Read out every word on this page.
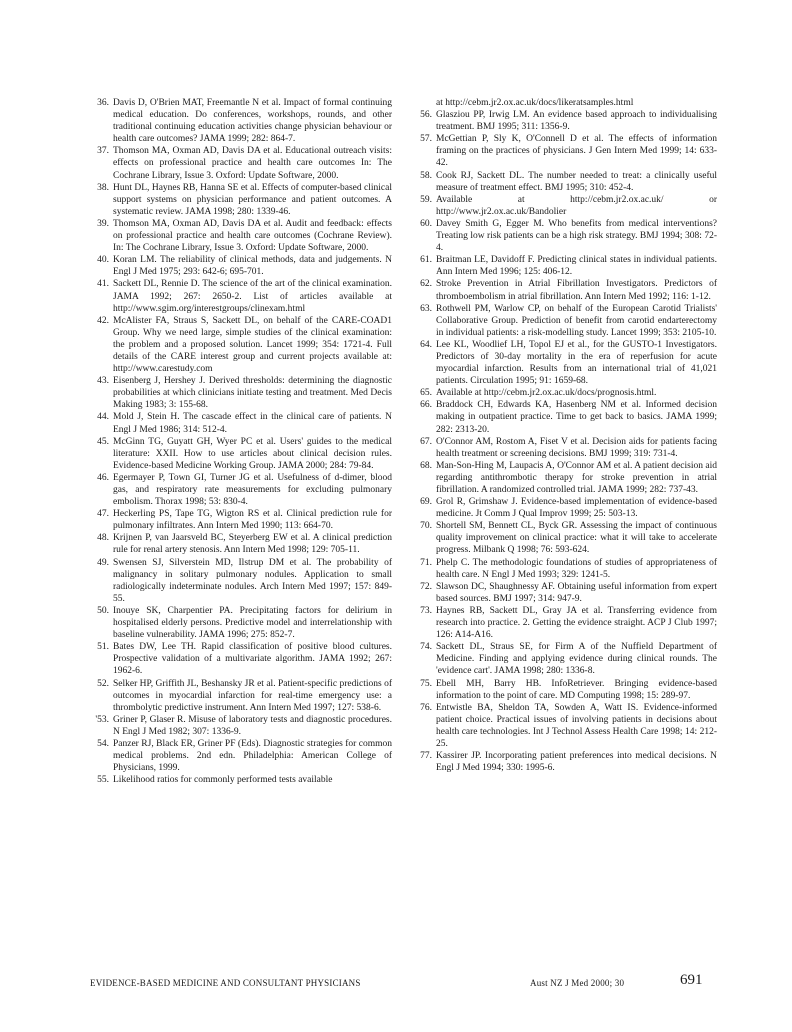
36. Davis D, O'Brien MAT, Freemantle N et al. Impact of formal continuing medical education. Do conferences, workshops, rounds, and other traditional continuing education activities change physician behaviour or health care outcomes? JAMA 1999; 282: 864-7.
37. Thomson MA, Oxman AD, Davis DA et al. Educational outreach visits: effects on professional practice and health care outcomes In: The Cochrane Library, Issue 3. Oxford: Update Software, 2000.
38. Hunt DL, Haynes RB, Hanna SE et al. Effects of computer-based clinical support systems on physician performance and patient outcomes. A systematic review. JAMA 1998; 280: 1339-46.
39. Thomson MA, Oxman AD, Davis DA et al. Audit and feedback: effects on professional practice and health care outcomes (Cochrane Review). In: The Cochrane Library, Issue 3. Oxford: Update Software, 2000.
40. Koran LM. The reliability of clinical methods, data and judgements. N Engl J Med 1975; 293: 642-6; 695-701.
41. Sackett DL, Rennie D. The science of the art of the clinical examination. JAMA 1992; 267: 2650-2. List of articles available at http://www.sgim.org/interestgroups/clinexam.html
42. McAlister FA, Straus S, Sackett DL, on behalf of the CARE-COAD1 Group. Why we need large, simple studies of the clinical examination: the problem and a proposed solution. Lancet 1999; 354: 1721-4. Full details of the CARE interest group and current projects available at: http://www.carestudy.com
43. Eisenberg J, Hershey J. Derived thresholds: determining the diagnostic probabilities at which clinicians initiate testing and treatment. Med Decis Making 1983; 3: 155-68.
44. Mold J, Stein H. The cascade effect in the clinical care of patients. N Engl J Med 1986; 314: 512-4.
45. McGinn TG, Guyatt GH, Wyer PC et al. Users' guides to the medical literature: XXII. How to use articles about clinical decision rules. Evidence-based Medicine Working Group. JAMA 2000; 284: 79-84.
46. Egermayer P, Town GI, Turner JG et al. Usefulness of d-dimer, blood gas, and respiratory rate measurements for excluding pulmonary embolism. Thorax 1998; 53: 830-4.
47. Heckerling PS, Tape TG, Wigton RS et al. Clinical prediction rule for pulmonary infiltrates. Ann Intern Med 1990; 113: 664-70.
48. Krijnen P, van Jaarsveld BC, Steyerberg EW et al. A clinical prediction rule for renal artery stenosis. Ann Intern Med 1998; 129: 705-11.
49. Swensen SJ, Silverstein MD, Ilstrup DM et al. The probability of malignancy in solitary pulmonary nodules. Application to small radiologically indeterminate nodules. Arch Intern Med 1997; 157: 849-55.
50. Inouye SK, Charpentier PA. Precipitating factors for delirium in hospitalised elderly persons. Predictive model and interrelationship with baseline vulnerability. JAMA 1996; 275: 852-7.
51. Bates DW, Lee TH. Rapid classification of positive blood cultures. Prospective validation of a multivariate algorithm. JAMA 1992; 267: 1962-6.
52. Selker HP, Griffith JL, Beshansky JR et al. Patient-specific predictions of outcomes in myocardial infarction for real-time emergency use: a thrombolytic predictive instrument. Ann Intern Med 1997; 127: 538-6.
'53. Griner P, Glaser R. Misuse of laboratory tests and diagnostic procedures. N Engl J Med 1982; 307: 1336-9.
54. Panzer RJ, Black ER, Griner PF (Eds). Diagnostic strategies for common medical problems. 2nd edn. Philadelphia: American College of Physicians, 1999.
55. Likelihood ratios for commonly performed tests available
at http://cebm.jr2.ox.ac.uk/docs/likeratsamples.html
56. Glasziou PP, Irwig LM. An evidence based approach to individualising treatment. BMJ 1995; 311: 1356-9.
57. McGettian P, Sly K, O'Connell D et al. The effects of information framing on the practices of physicians. J Gen Intern Med 1999; 14: 633-42.
58. Cook RJ, Sackett DL. The number needed to treat: a clinically useful measure of treatment effect. BMJ 1995; 310: 452-4.
59. Available at http://cebm.jr2.ox.ac.uk/ or http://www.jr2.ox.ac.uk/Bandolier
60. Davey Smith G, Egger M. Who benefits from medical interventions? Treating low risk patients can be a high risk strategy. BMJ 1994; 308: 72-4.
61. Braitman LE, Davidoff F. Predicting clinical states in individual patients. Ann Intern Med 1996; 125: 406-12.
62. Stroke Prevention in Atrial Fibrillation Investigators. Predictors of thromboembolism in atrial fibrillation. Ann Intern Med 1992; 116: 1-12.
63. Rothwell PM, Warlow CP, on behalf of the European Carotid Trialists' Collaborative Group. Prediction of benefit from carotid endarterectomy in individual patients: a risk-modelling study. Lancet 1999; 353: 2105-10.
64. Lee KL, Woodlief LH, Topol EJ et al., for the GUSTO-1 Investigators. Predictors of 30-day mortality in the era of reperfusion for acute myocardial infarction. Results from an international trial of 41,021 patients. Circulation 1995; 91: 1659-68.
65. Available at http://cebm.jr2.ox.ac.uk/docs/prognosis.html.
66. Braddock CH, Edwards KA, Hasenberg NM et al. Informed decision making in outpatient practice. Time to get back to basics. JAMA 1999; 282: 2313-20.
67. O'Connor AM, Rostom A, Fiset V et al. Decision aids for patients facing health treatment or screening decisions. BMJ 1999; 319: 731-4.
68. Man-Son-Hing M, Laupacis A, O'Connor AM et al. A patient decision aid regarding antithrombotic therapy for stroke prevention in atrial fibrillation. A randomized controlled trial. JAMA 1999; 282: 737-43.
69. Grol R, Grimshaw J. Evidence-based implementation of evidence-based medicine. Jt Comm J Qual Improv 1999; 25: 503-13.
70. Shortell SM, Bennett CL, Byck GR. Assessing the impact of continuous quality improvement on clinical practice: what it will take to accelerate progress. Milbank Q 1998; 76: 593-624.
71. Phelp C. The methodologic foundations of studies of appropriateness of health care. N Engl J Med 1993; 329: 1241-5.
72. Slawson DC, Shaughnessy AF. Obtaining useful information from expert based sources. BMJ 1997; 314: 947-9.
73. Haynes RB, Sackett DL, Gray JA et al. Transferring evidence from research into practice. 2. Getting the evidence straight. ACP J Club 1997; 126: A14-A16.
74. Sackett DL, Straus SE, for Firm A of the Nuffield Department of Medicine. Finding and applying evidence during clinical rounds. The 'evidence cart'. JAMA 1998; 280: 1336-8.
75. Ebell MH, Barry HB. InfoRetriever. Bringing evidence-based information to the point of care. MD Computing 1998; 15: 289-97.
76. Entwistle BA, Sheldon TA, Sowden A, Watt IS. Evidence-informed patient choice. Practical issues of involving patients in decisions about health care technologies. Int J Technol Assess Health Care 1998; 14: 212-25.
77. Kassirer JP. Incorporating patient preferences into medical decisions. N Engl J Med 1994; 330: 1995-6.
EVIDENCE-BASED MEDICINE AND CONSULTANT PHYSICIANS	Aust NZ J Med 2000; 30	691
